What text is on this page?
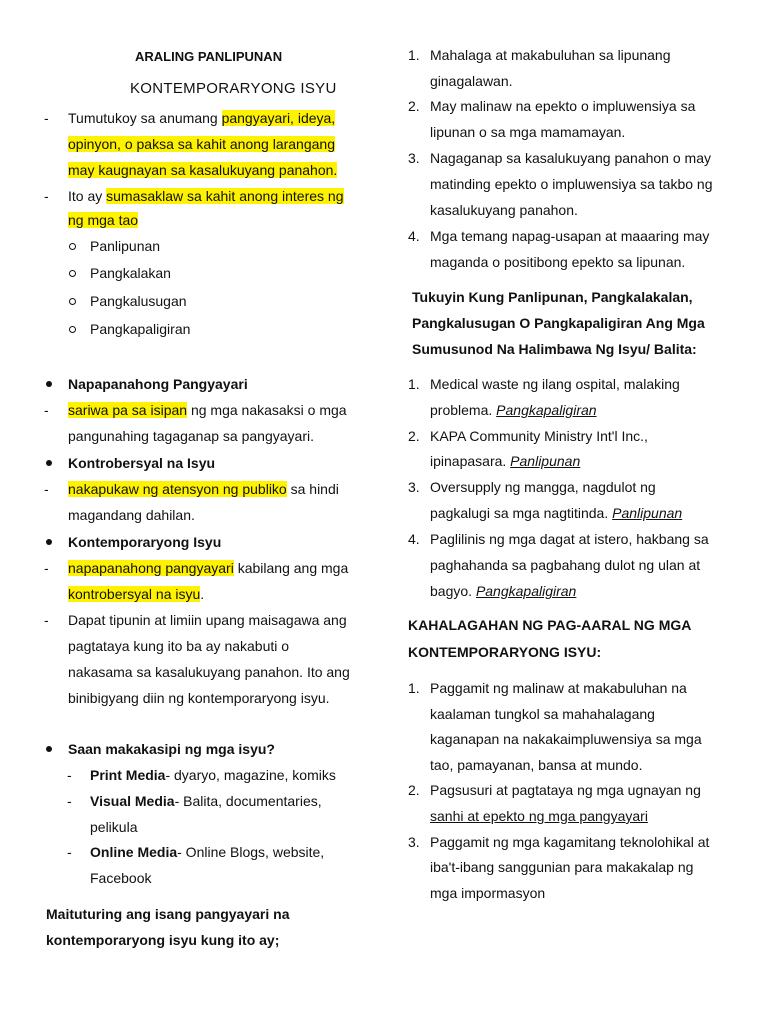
ARALING PANLIPUNAN
KONTEMPORARYONG ISYU
- Tumutukoy sa anumang pangyayari, ideya,
opinyon, o paksa sa kahit anong larangang
may kaugnayan sa kasalukuyang panahon.
- Ito ay sumasaklaw sa kahit anong interes ng
ng mga tao
Panlipunan
Pangkalakan
Pangkalusugan
Pangkapaligiran
Napapanahong Pangyayari
- sariwa pa sa isipan ng mga nakasaksi o mga
pangunahing tagaganap sa pangyayari.
Kontrobersyal na Isyu
- nakapukaw ng atensyon ng publiko sa hindi
magandang dahilan.
Kontemporaryong Isyu
- napapanahong pangyayari kabilang ang mga
kontrobersyal na isyu.
- Dapat tipunin at limiin upang maisagawa ang
pagtataya kung ito ba ay nakabuti o
nakasama sa kasalukuyang panahon. Ito ang
binibigyang diin ng kontemporaryong isyu.
Saan makakasipi ng mga isyu?
- Print Media- dyaryo, magazine, komiks
- Visual Media- Balita, documentaries,
pelikula
- Online Media- Online Blogs, website,
Facebook
Maituturing ang isang pangyayari na
kontemporaryong isyu kung ito ay;
1. Mahalaga at makabuluhan sa lipunang
ginagalawan.
2. May malinaw na epekto o impluwensiya sa
lipunan o sa mga mamamayan.
3. Nagaganap sa kasalukuyang panahon o may
matinding epekto o impluwensiya sa takbo ng
kasalukuyang panahon.
4. Mga temang napag-usapan at maaaring may
maganda o positibong epekto sa lipunan.
Tukuyin Kung Panlipunan, Pangkalakalan,
Pangkalusugan O Pangkapaligiran Ang Mga
Sumusunod Na Halimbawa Ng Isyu/ Balita:
1. Medical waste ng ilang ospital, malaking
problema. Pangkapaligiran
2. KAPA Community Ministry Int'l Inc.,
ipinapasara. Panlipunan
3. Oversupply ng mangga, nagdulot ng
pagkalugi sa mga nagtitinda. Panlipunan
4. Paglilinis ng mga dagat at istero, hakbang sa
paghahanda sa pagbahang dulot ng ulan at
bagyo. Pangkapaligiran
KAHALAGAHAN NG PAG-AARAL NG MGA
KONTEMPORARYONG ISYU:
1. Paggamit ng malinaw at makabuluhan na
kaalaman tungkol sa mahahalagang
kaganapan na nakakaimpluwensiya sa mga
tao, pamayanan, bansa at mundo.
2. Pagsusuri at pagtataya ng mga ugnayan ng
sanhi at epekto ng mga pangyayari
3. Paggamit ng mga kagamitang teknolohikal at
iba't-ibang sanggunian para makakalap ng
mga impormasyon
